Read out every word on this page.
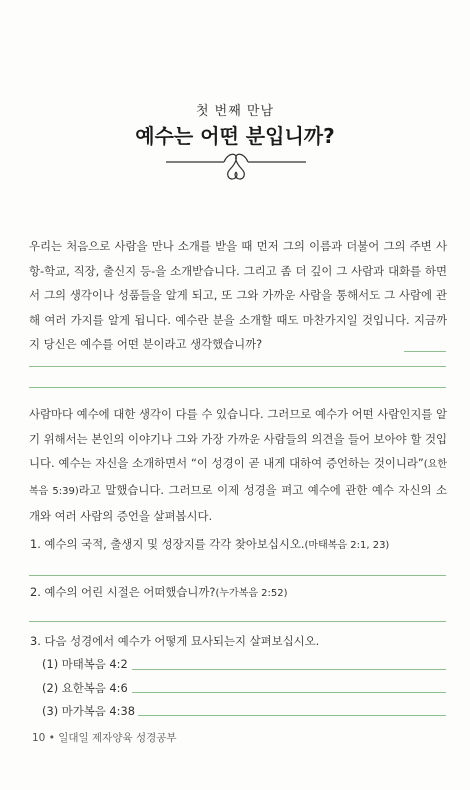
첫 번째 만남
예수는 어떤 분입니까?

우리는 처음으로 사람을 만나 소개를 받을 때 먼저 그의 이름과 더불어 그의 주변 사항-학교, 직장, 출신지 등-을 소개받습니다. 그리고 좀 더 깊이 그 사람과 대화를 하면서 그의 생각이나 성품들을 알게 되고, 또 그와 가까운 사람을 통해서도 그 사람에 관해 여러 가지를 알게 됩니다. 예수란 분을 소개할 때도 마찬가지일 것입니다. 지금까지 당신은 예수를 어떤 분이라고 생각했습니까?

사람마다 예수에 대한 생각이 다를 수 있습니다. 그러므로 예수가 어떤 사람인지를 알기 위해서는 본인의 이야기나 그와 가장 가까운 사람들의 의견을 들어 보아야 할 것입니다. 예수는 자신을 소개하면서 “이 성경이 곧 내게 대하여 증언하는 것이니라”(요한복음 5:39)라고 말했습니다. 그러므로 이제 성경을 펴고 예수에 관한 예수 자신의 소개와 여러 사람의 증언을 살펴봅시다.

1. 예수의 국적, 출생지 및 성장지를 각각 찾아보십시오.(마태복음 2:1, 23)
2. 예수의 어린 시절은 어떠했습니까?(누가복음 2:52)
3. 다음 성경에서 예수가 어떻게 묘사되는지 살펴보십시오.
(1) 마태복음 4:2
(2) 요한복음 4:6
(3) 마가복음 4:38
10 • 일대일 제자양육 성경공부
